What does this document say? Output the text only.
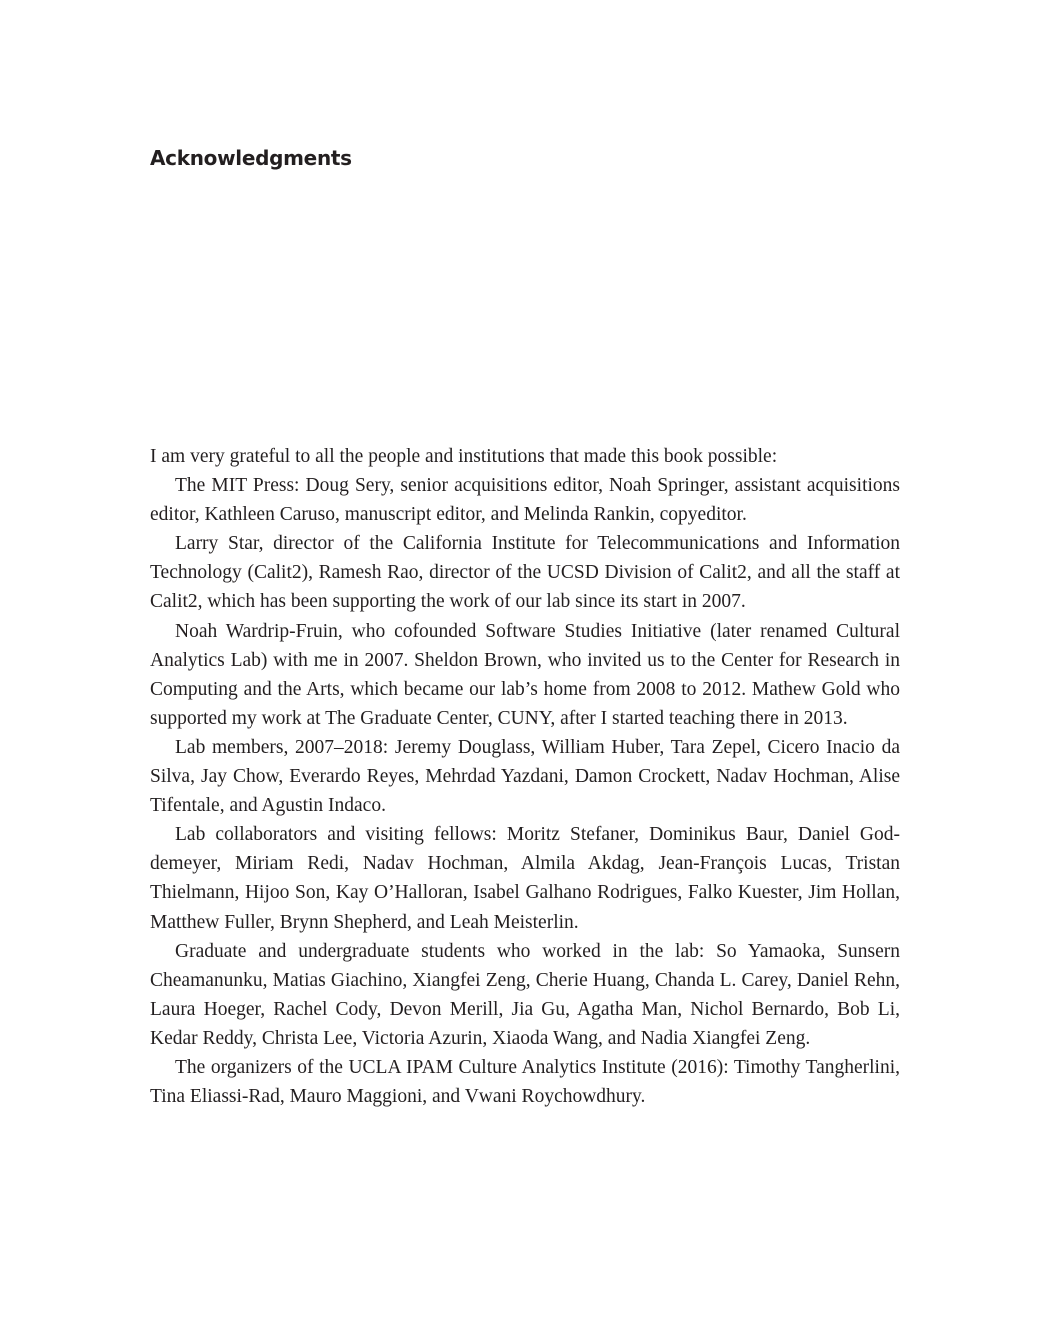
Acknowledgments

I am very grateful to all the people and institutions that made this book possible:

The MIT Press: Doug Sery, senior acquisitions editor, Noah Springer, assistant acquisitions editor, Kathleen Caruso, manuscript editor, and Melinda Rankin, copyeditor.

Larry Star, director of the California Institute for Telecommunications and Information Technology (Calit2), Ramesh Rao, director of the UCSD Division of Calit2, and all the staff at Calit2, which has been supporting the work of our lab since its start in 2007.

Noah Wardrip-Fruin, who cofounded Software Studies Initiative (later renamed Cultural Analytics Lab) with me in 2007. Sheldon Brown, who invited us to the Center for Research in Computing and the Arts, which became our lab’s home from 2008 to 2012. Mathew Gold who supported my work at The Graduate Center, CUNY, after I started teaching there in 2013.

Lab members, 2007–2018: Jeremy Douglass, William Huber, Tara Zepel, Cicero Inacio da Silva, Jay Chow, Everardo Reyes, Mehrdad Yazdani, Damon Crockett, Nadav Hochman, Alise Tifentale, and Agustin Indaco.

Lab collaborators and visiting fellows: Moritz Stefaner, Dominikus Baur, Daniel Goddemeyer, Miriam Redi, Nadav Hochman, Almila Akdag, Jean-François Lucas, Tristan Thielmann, Hijoo Son, Kay O’Halloran, Isabel Galhano Rodrigues, Falko Kuester, Jim Hollan, Matthew Fuller, Brynn Shepherd, and Leah Meisterlin.

Graduate and undergraduate students who worked in the lab: So Yamaoka, Sunsern Cheamanunku, Matias Giachino, Xiangfei Zeng, Cherie Huang, Chanda L. Carey, Daniel Rehn, Laura Hoeger, Rachel Cody, Devon Merill, Jia Gu, Agatha Man, Nichol Bernardo, Bob Li, Kedar Reddy, Christa Lee, Victoria Azurin, Xiaoda Wang, and Nadia Xiangfei Zeng.

The organizers of the UCLA IPAM Culture Analytics Institute (2016): Timothy Tangherlini, Tina Eliassi-Rad, Mauro Maggioni, and Vwani Roychowdhury.
